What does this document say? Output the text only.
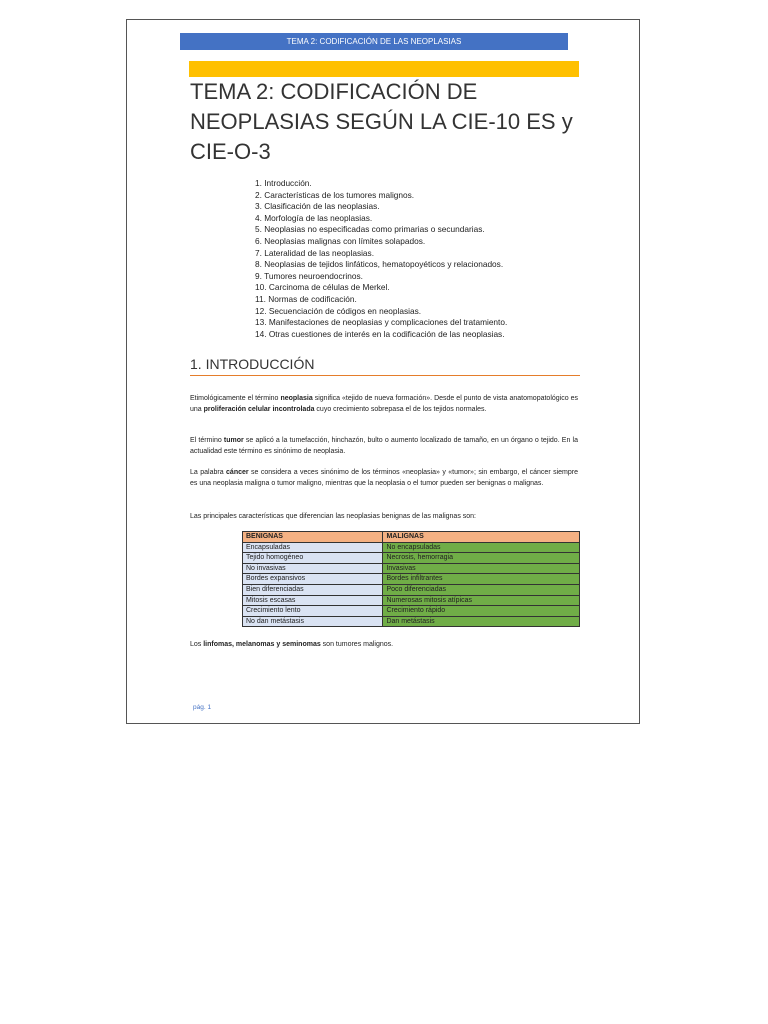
TEMA 2: CODIFICACIÓN DE LAS NEOPLASIAS
TEMA 2: CODIFICACIÓN DE NEOPLASIAS SEGÚN LA CIE-10 ES y CIE-O-3
1. Introducción.
2. Características de los tumores malignos.
3. Clasificación de las neoplasias.
4. Morfología de las neoplasias.
5. Neoplasias no especificadas como primarias o secundarias.
6. Neoplasias malignas con límites solapados.
7. Lateralidad de las neoplasias.
8. Neoplasias de tejidos linfáticos, hematopoyéticos y relacionados.
9. Tumores neuroendocrinos.
10. Carcinoma de células de Merkel.
11. Normas de codificación.
12. Secuenciación de códigos en neoplasias.
13. Manifestaciones de neoplasias y complicaciones del tratamiento.
14. Otras cuestiones de interés en la codificación de las neoplasias.
1. INTRODUCCIÓN

Etimológicamente el término neoplasia significa «tejido de nueva formación». Desde el punto de vista anatomopatológico es una proliferación celular incontrolada cuyo crecimiento sobrepasa el de los tejidos normales.

El término tumor se aplicó a la tumefacción, hinchazón, bulto o aumento localizado de tamaño, en un órgano o tejido. En la actualidad este término es sinónimo de neoplasia.

La palabra cáncer se considera a veces sinónimo de los términos «neoplasia» y «tumor»; sin embargo, el cáncer siempre es una neoplasia maligna o tumor maligno, mientras que la neoplasia o el tumor pueden ser benignas o malignas.

Las principales características que diferencian las neoplasias benignas de las malignas son:

BENIGNAS	MALIGNAS
Encapsuladas	No encapsuladas
Tejido homogéneo	Necrosis, hemorragia
No invasivas	Invasivas
Bordes expansivos	Bordes infiltrantes
Bien diferenciadas	Poco diferenciadas
Mitosis escasas	Numerosas mitosis atípicas
Crecimiento lento	Crecimiento rápido
No dan metástasis	Dan metástasis

Los linfomas, melanomas y seminomas son tumores malignos.

pág. 1
